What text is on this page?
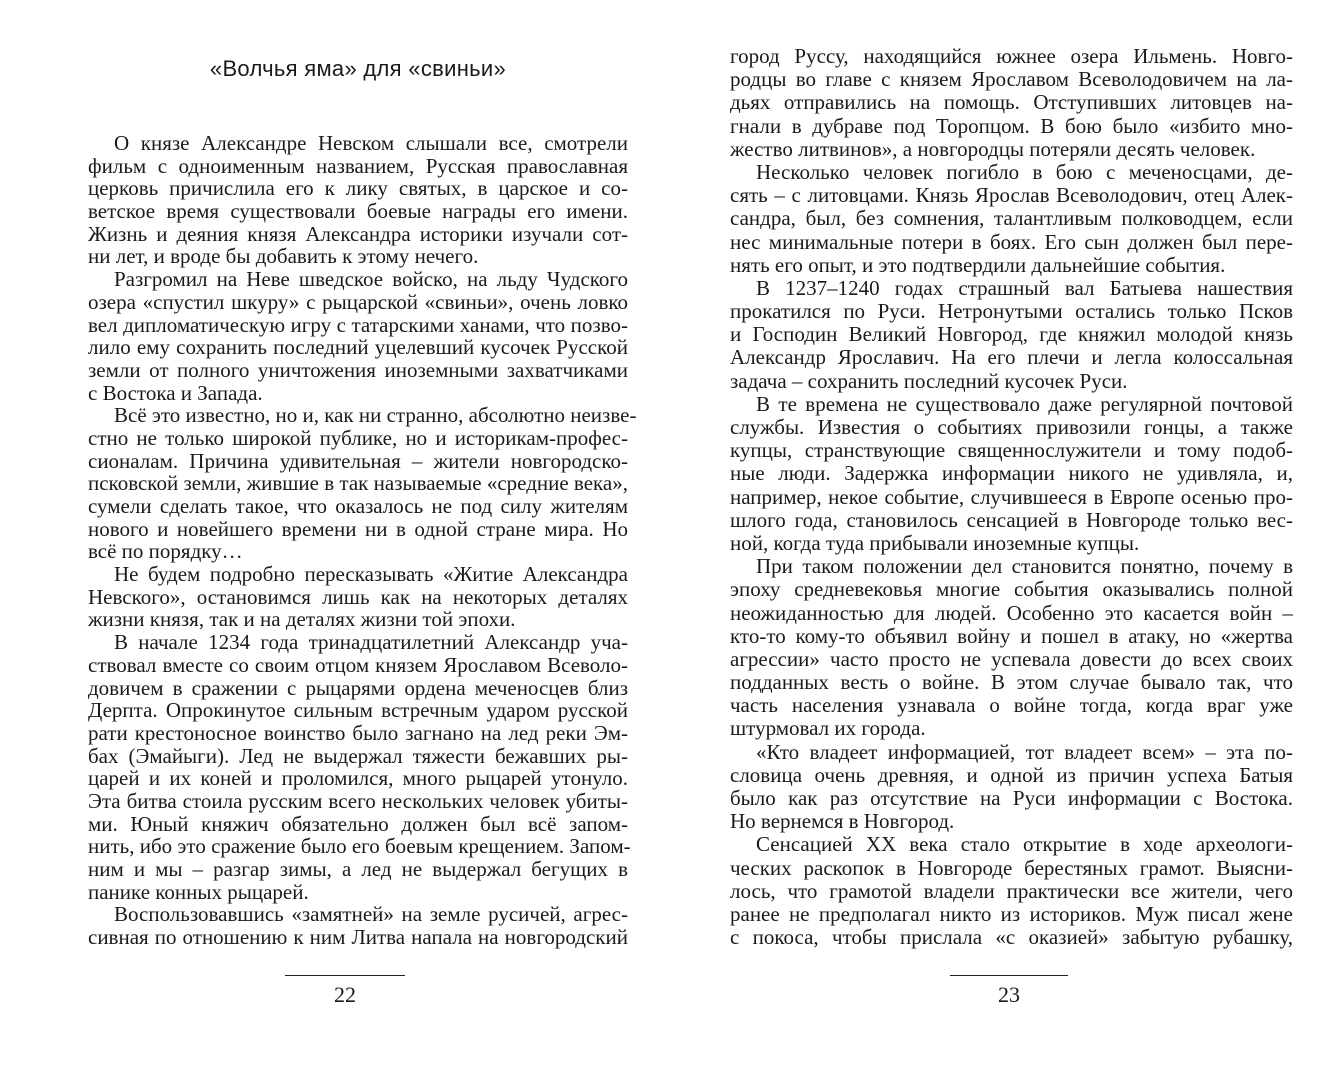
«Волчья яма» для «свиньи»
О князе Александре Невском слышали все, смотрели
фильм с одноименным названием, Русская православная
церковь причислила его к лику святых, в царское и со-
ветское время существовали боевые награды его имени.
Жизнь и деяния князя Александра историки изучали сот-
ни лет, и вроде бы добавить к этому нечего.
Разгромил на Неве шведское войско, на льду Чудского
озера «спустил шкуру» с рыцарской «свиньи», очень ловко
вел дипломатическую игру с татарскими ханами, что позво-
лило ему сохранить последний уцелевший кусочек Русской
земли от полного уничтожения иноземными захватчиками
с Востока и Запада.
Всё это известно, но и, как ни странно, абсолютно неизве-
стно не только широкой публике, но и историкам-профес-
сионалам. Причина удивительная – жители новгородско-
псковской земли, жившие в так называемые «средние века»,
сумели сделать такое, что оказалось не под силу жителям
нового и новейшего времени ни в одной стране мира. Но
всё по порядку…
Не будем подробно пересказывать «Житие Александра
Невского», остановимся лишь как на некоторых деталях
жизни князя, так и на деталях жизни той эпохи.
В начале 1234 года тринадцатилетний Александр уча-
ствовал вместе со своим отцом князем Ярославом Всеволо-
довичем в сражении с рыцарями ордена меченосцев близ
Дерпта. Опрокинутое сильным встречным ударом русской
рати крестоносное воинство было загнано на лед реки Эм-
бах (Эмайыги). Лед не выдержал тяжести бежавших ры-
царей и их коней и проломился, много рыцарей утонуло.
Эта битва стоила русским всего нескольких человек убиты-
ми. Юный княжич обязательно должен был всё запом-
нить, ибо это сражение было его боевым крещением. Запом-
ним и мы – разгар зимы, а лед не выдержал бегущих в
панике конных рыцарей.
Воспользовавшись «замятней» на земле русичей, агрес-
сивная по отношению к ним Литва напала на новгородский
город Руссу, находящийся южнее озера Ильмень. Новго-
родцы во главе с князем Ярославом Всеволодовичем на ла-
дьях отправились на помощь. Отступивших литовцев на-
гнали в дубраве под Торопцом. В бою было «избито мно-
жество литвинов», а новгородцы потеряли десять человек.
Несколько человек погибло в бою с меченосцами, де-
сять – с литовцами. Князь Ярослав Всеволодович, отец Алек-
сандра, был, без сомнения, талантливым полководцем, если
нес минимальные потери в боях. Его сын должен был пере-
нять его опыт, и это подтвердили дальнейшие события.
В 1237–1240 годах страшный вал Батыева нашествия
прокатился по Руси. Нетронутыми остались только Псков
и Господин Великий Новгород, где княжил молодой князь
Александр Ярославич. На его плечи и легла колоссальная
задача – сохранить последний кусочек Руси.
В те времена не существовало даже регулярной почтовой
службы. Известия о событиях привозили гонцы, а также
купцы, странствующие священнослужители и тому подоб-
ные люди. Задержка информации никого не удивляла, и,
например, некое событие, случившееся в Европе осенью про-
шлого года, становилось сенсацией в Новгороде только вес-
ной, когда туда прибывали иноземные купцы.
При таком положении дел становится понятно, почему в
эпоху средневековья многие события оказывались полной
неожиданностью для людей. Особенно это касается войн –
кто-то кому-то объявил войну и пошел в атаку, но «жертва
агрессии» часто просто не успевала довести до всех своих
подданных весть о войне. В этом случае бывало так, что
часть населения узнавала о войне тогда, когда враг уже
штурмовал их города.
«Кто владеет информацией, тот владеет всем» – эта по-
словица очень древняя, и одной из причин успеха Батыя
было как раз отсутствие на Руси информации с Востока.
Но вернемся в Новгород.
Сенсацией XX века стало открытие в ходе археологи-
ческих раскопок в Новгороде берестяных грамот. Выясни-
лось, что грамотой владели практически все жители, чего
ранее не предполагал никто из историков. Муж писал жене
с покоса, чтобы прислала «с оказией» забытую рубашку,
22	23
